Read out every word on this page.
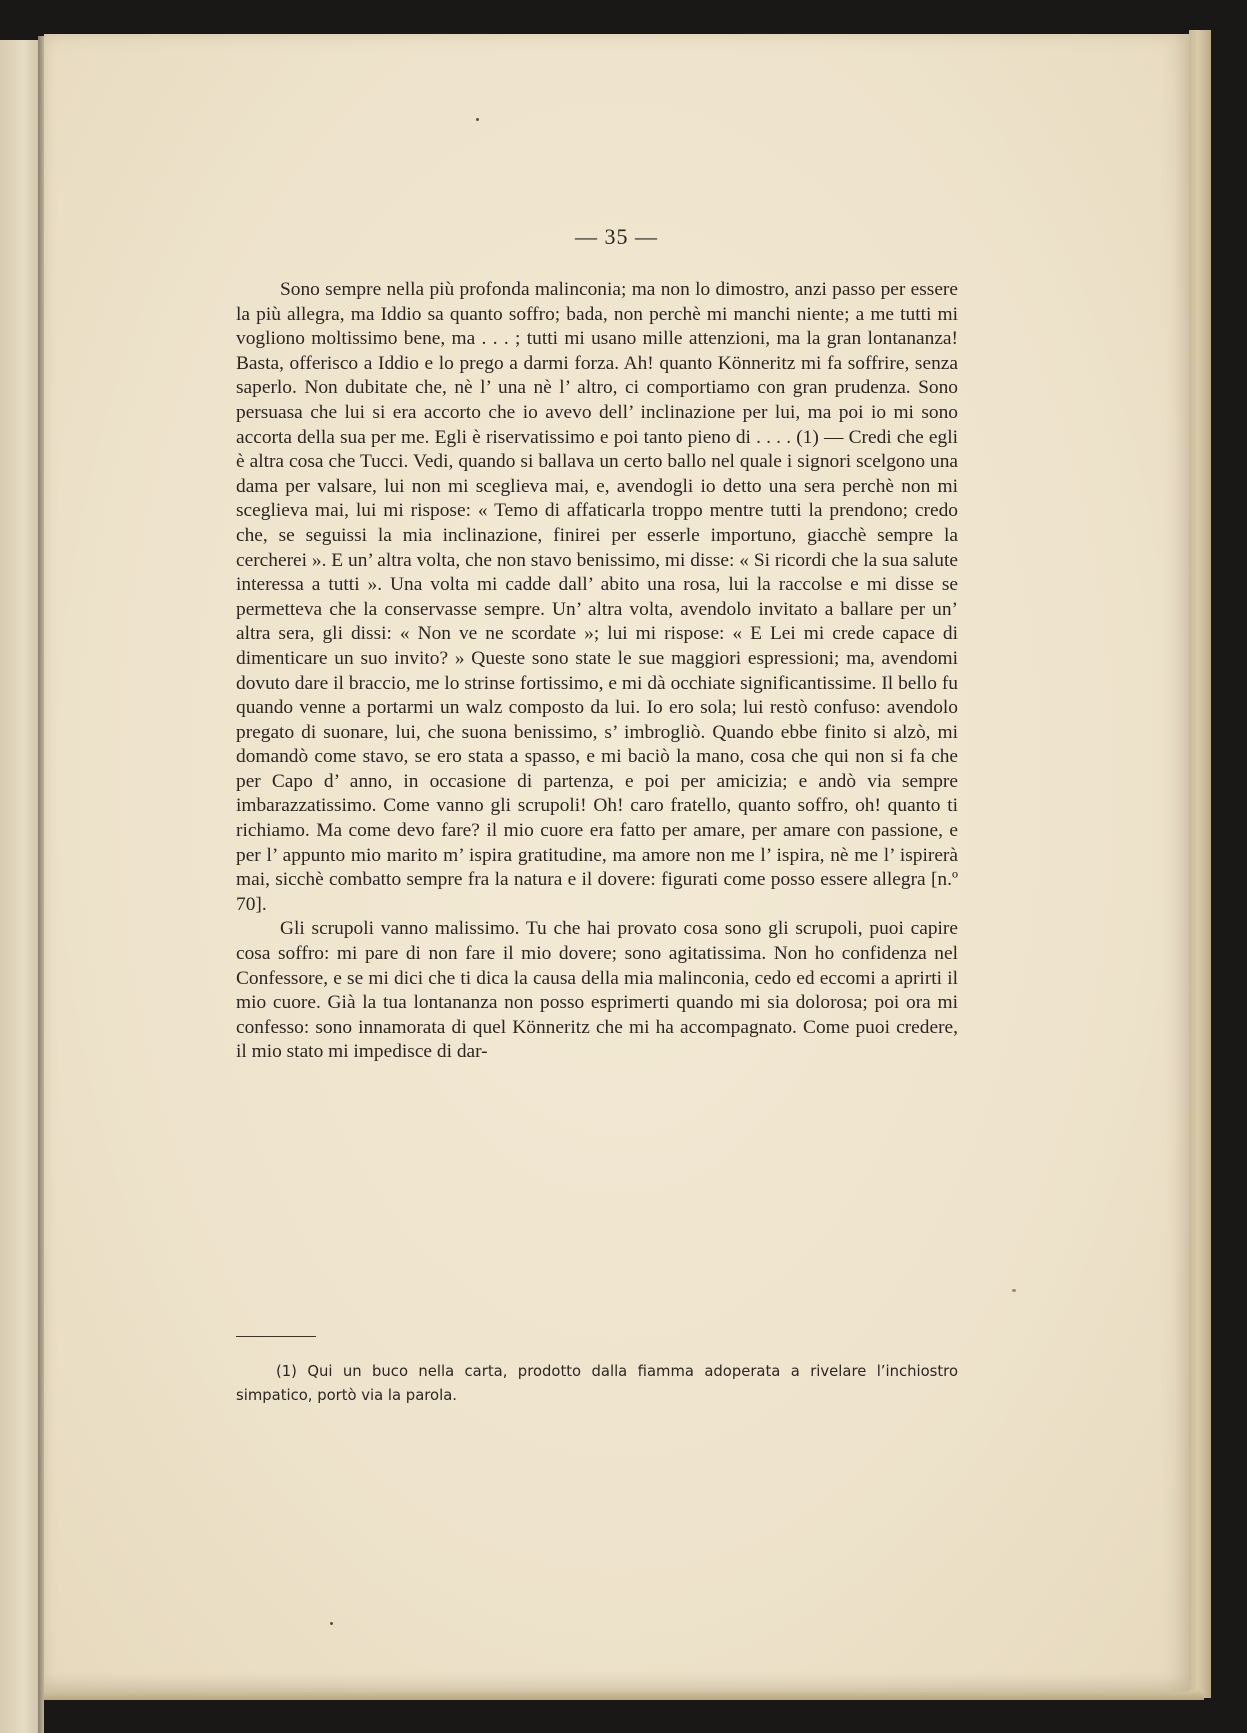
— 35 —

Sono sempre nella più profonda malinconia; ma non lo dimostro, anzi passo per essere la più allegra, ma Iddio sa quanto soffro; bada, non perchè mi manchi niente; a me tutti mi vogliono moltissimo bene, ma . . . ; tutti mi usano mille attenzioni, ma la gran lontananza! Basta, offerisco a Iddio e lo prego a darmi forza. Ah! quanto Könneritz mi fa soffrire, senza saperlo. Non dubitate che, nè l’ una nè l’ altro, ci comportiamo con gran prudenza. Sono persuasa che lui si era accorto che io avevo dell’ inclinazione per lui, ma poi io mi sono accorta della sua per me. Egli è riservatissimo e poi tanto pieno di . . . . (1) — Credi che egli è altra cosa che Tucci. Vedi, quando si ballava un certo ballo nel quale i signori scelgono una dama per valsare, lui non mi sceglieva mai, e, avendogli io detto una sera perchè non mi sceglieva mai, lui mi rispose: « Temo di affaticarla troppo mentre tutti la prendono; credo che, se seguissi la mia inclinazione, finirei per esserle importuno, giacchè sempre la cercherei ». E un’ altra volta, che non stavo benissimo, mi disse: « Si ricordi che la sua salute interessa a tutti ». Una volta mi cadde dall’ abito una rosa, lui la raccolse e mi disse se permetteva che la conservasse sempre. Un’ altra volta, avendolo invitato a ballare per un’ altra sera, gli dissi: « Non ve ne scordate »; lui mi rispose: « E Lei mi crede capace di dimenticare un suo invito? » Queste sono state le sue maggiori espressioni; ma, avendomi dovuto dare il braccio, me lo strinse fortissimo, e mi dà occhiate significantissime. Il bello fu quando venne a portarmi un walz composto da lui. Io ero sola; lui restò confuso: avendolo pregato di suonare, lui, che suona benissimo, s’ imbrogliò. Quando ebbe finito si alzò, mi domandò come stavo, se ero stata a spasso, e mi baciò la mano, cosa che qui non si fa che per Capo d’ anno, in occasione di partenza, e poi per amicizia; e andò via sempre imbarazzatissimo. Come vanno gli scrupoli! Oh! caro fratello, quanto soffro, oh! quanto ti richiamo. Ma come devo fare? il mio cuore era fatto per amare, per amare con passione, e per l’ appunto mio marito m’ ispira gratitudine, ma amore non me l’ ispira, nè me l’ ispirerà mai, sicchè combatto sempre fra la natura e il dovere: figurati come posso essere allegra [n.º 70].

Gli scrupoli vanno malissimo. Tu che hai provato cosa sono gli scrupoli, puoi capire cosa soffro: mi pare di non fare il mio dovere; sono agitatissima. Non ho confidenza nel Confessore, e se mi dici che ti dica la causa della mia malinconia, cedo ed eccomi a aprirti il mio cuore. Già la tua lontananza non posso esprimerti quando mi sia dolorosa; poi ora mi confesso: sono innamorata di quel Könneritz che mi ha accompagnato. Come puoi credere, il mio stato mi impedisce di dar-

(1) Qui un buco nella carta, prodotto dalla fiamma adoperata a rivelare l’inchiostro simpatico, portò via la parola.
